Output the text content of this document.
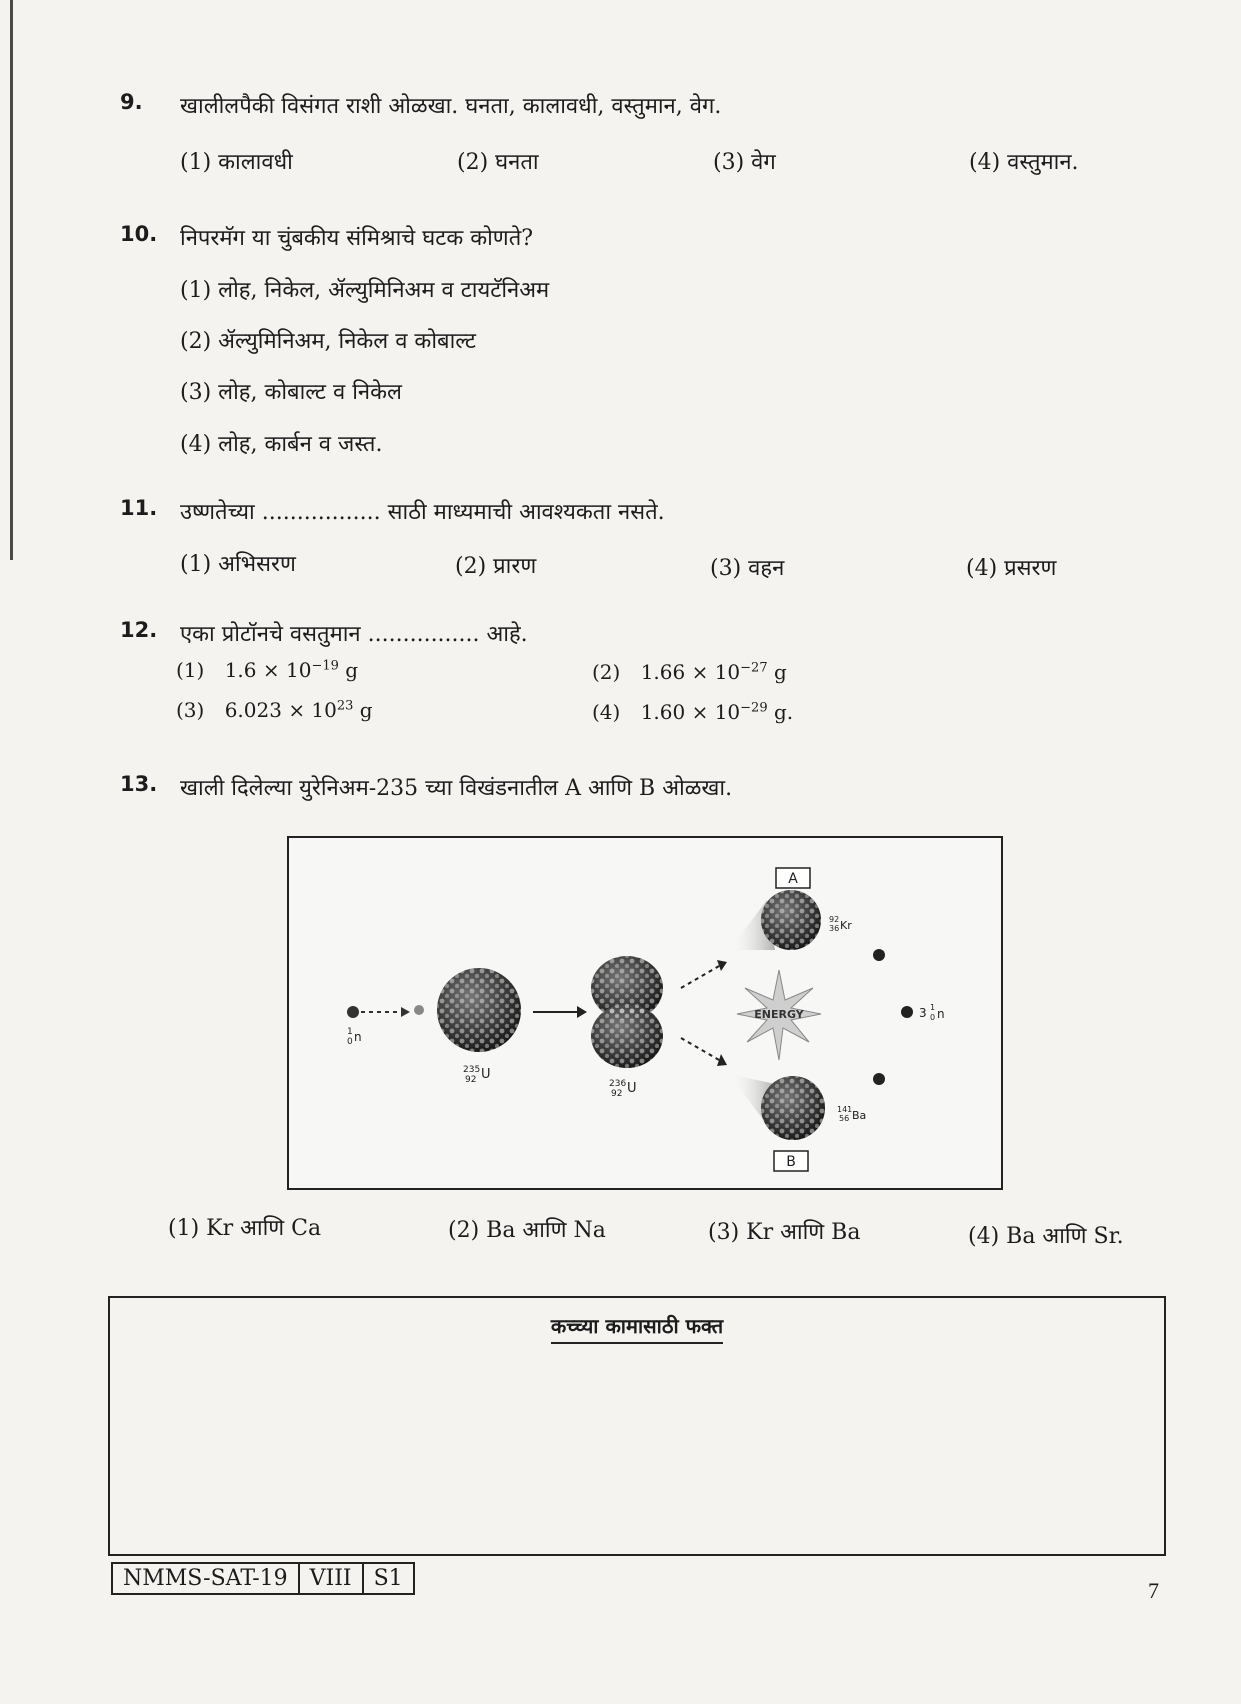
9. खालीलपैकी विसंगत राशी ओळखा. घनता, कालावधी, वस्तुमान, वेग.
(1) कालावधी	(2) घनता	(3) वेग	(4) वस्तुमान.
10. निपरमॅग या चुंबकीय संमिश्राचे घटक कोणते?
(1) लोह, निकेल, ॲल्युमिनिअम व टायटॅनिअम
(2) ॲल्युमिनिअम, निकेल व कोबाल्ट
(3) लोह, कोबाल्ट व निकेल
(4) लोह, कार्बन व जस्त.
11. उष्णतेच्या ................. साठी माध्यमाची आवश्यकता नसते.
(1) अभिसरण	(2) प्रारण	(3) वहन	(4) प्रसरण
12. एका प्रोटॉनचे वसतुमान ................ आहे.
(1) $1.6 \times 10^{-19}$ g	(2) $1.66 \times 10^{-27}$ g
(3) $6.023 \times 10^{23}$ g	(4) $1.60 \times 10^{-29}$ g.
13. खाली दिलेल्या युरेनिअम-235 च्या विखंडनातील A आणि B ओळखा.
1
0 n
235
92 U
236
92 U
ENERGY
A
92
36 Kr
141
56 Ba
B
3 1
0 n
(1) Kr आणि Ca	(2) Ba आणि Na	(3) Kr आणि Ba	(4) Ba आणि Sr.
कच्च्या कामासाठी फक्त
NMMS-SAT-19	VIII	S1	7
